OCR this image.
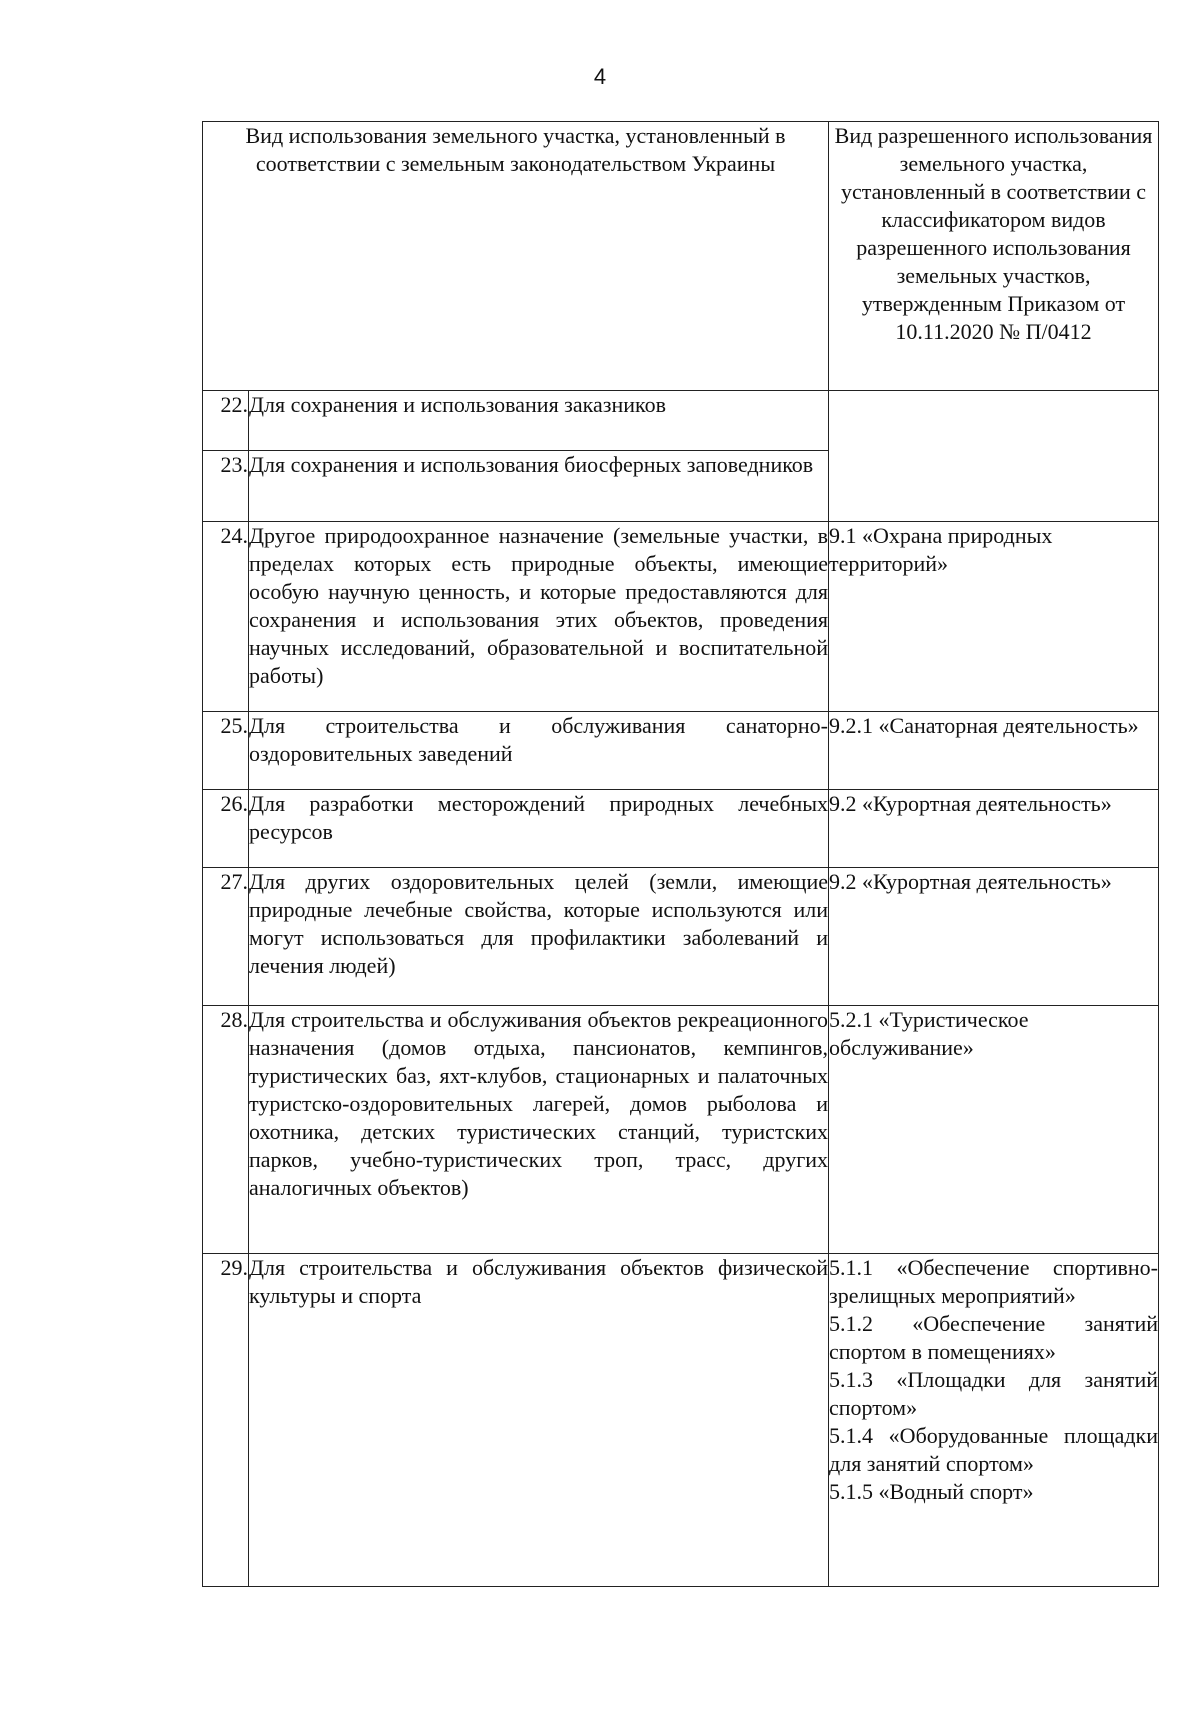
4
Вид использования земельного участка, установленный в соответствии с земельным законодательством Украины		Вид разрешенного использования земельного участка, установленный в соответствии с классификатором видов разрешенного использования земельных участков, утвержденным Приказом от 10.11.2020 № П/0412
22.	Для сохранения и использования заказников	
23.	Для сохранения и использования биосферных заповедников	
24.	Другое природоохранное назначение (земельные участки, в пределах которых есть природные объекты, имеющие особую научную ценность, и которые предоставляются для сохранения и использования этих объектов, проведения научных исследований, образовательной и воспитательной работы)	9.1 «Охрана природных территорий»
25.	Для строительства и обслуживания санаторно-оздоровительных заведений	9.2.1 «Санаторная деятельность»
26.	Для разработки месторождений природных лечебных ресурсов	9.2 «Курортная деятельность»
27.	Для других оздоровительных целей (земли, имеющие природные лечебные свойства, которые используются или могут использоваться для профилактики заболеваний и лечения людей)	9.2 «Курортная деятельность»
28.	Для строительства и обслуживания объектов рекреационного назначения (домов отдыха, пансионатов, кемпингов, туристических баз, яхт-клубов, стационарных и палаточных туристско-оздоровительных лагерей, домов рыболова и охотника, детских туристических станций, туристских парков, учебно-туристических троп, трасс, других аналогичных объектов)	5.2.1 «Туристическое обслуживание»
29.	Для строительства и обслуживания объектов физической культуры и спорта	5.1.1 «Обеспечение спортивно-зрелищных мероприятий»
5.1.2 «Обеспечение занятий спортом в помещениях»
5.1.3 «Площадки для занятий спортом»
5.1.4 «Оборудованные площадки для занятий спортом»
5.1.5 «Водный спорт»
